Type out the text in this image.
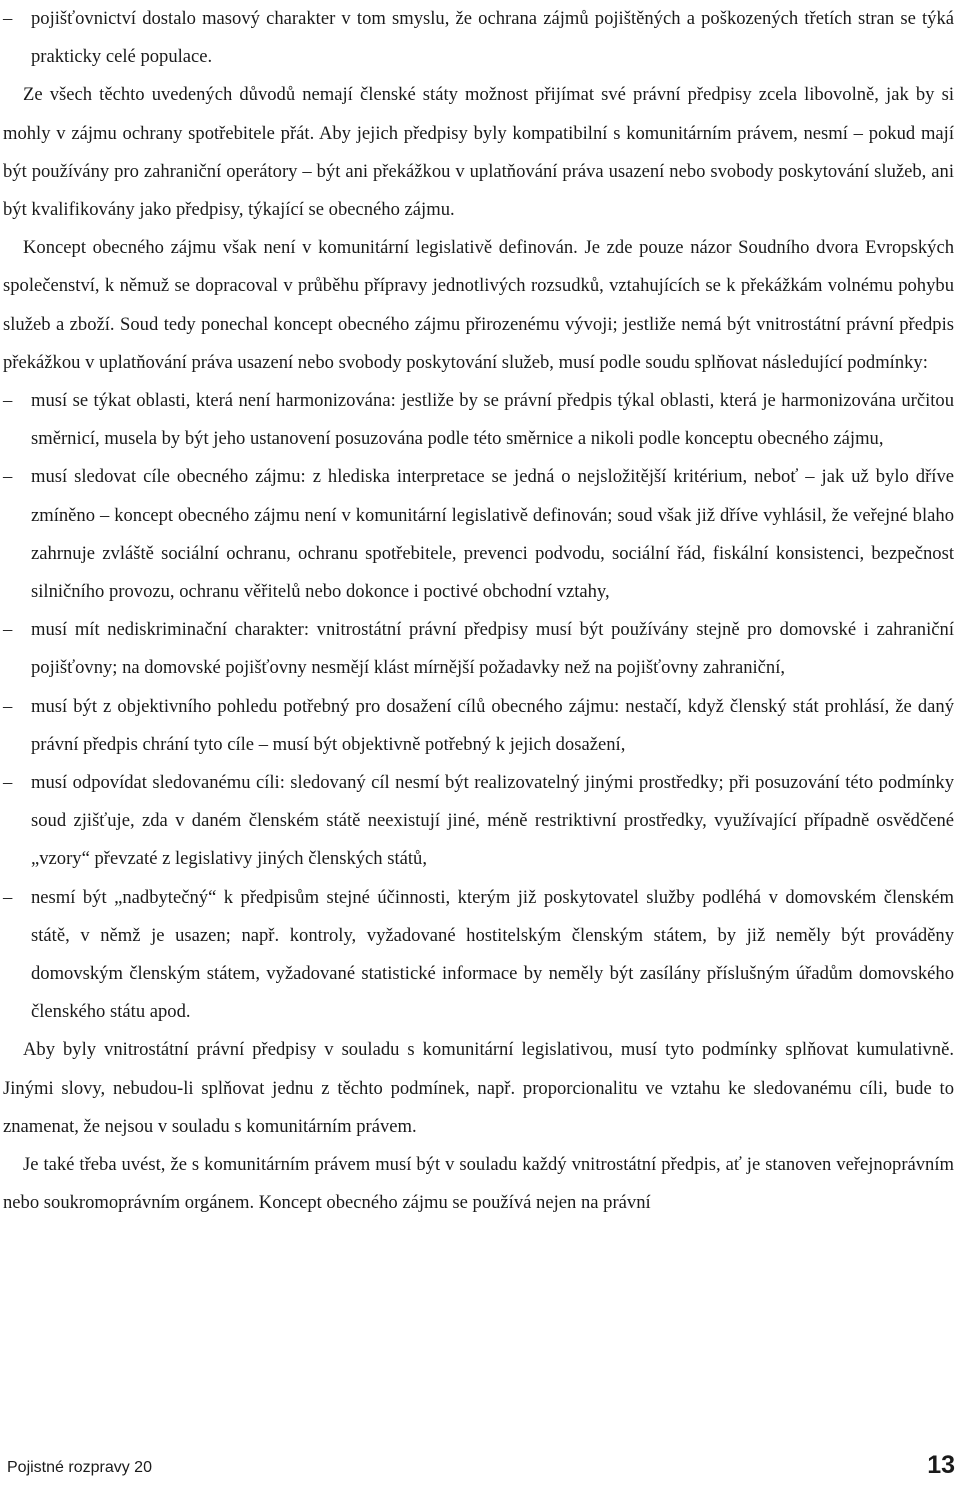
– pojišťovnictví dostalo masový charakter v tom smyslu, že ochrana zájmů pojištěných a poškozených třetích stran se týká prakticky celé populace.

Ze všech těchto uvedených důvodů nemají členské státy možnost přijímat své právní předpisy zcela libovolně, jak by si mohly v zájmu ochrany spotřebitele přát. Aby jejich předpisy byly kompatibilní s komunitárním právem, nesmí – pokud mají být používány pro zahraniční operátory – být ani překážkou v uplatňování práva usazení nebo svobody poskytování služeb, ani být kvalifikovány jako předpisy, týkající se obecného zájmu.

Koncept obecného zájmu však není v komunitární legislativě definován. Je zde pouze názor Soudního dvora Evropských společenství, k němuž se dopracoval v průběhu přípravy jednotlivých rozsudků, vztahujících se k překážkám volnému pohybu služeb a zboží. Soud tedy ponechal koncept obecného zájmu přirozenému vývoji; jestliže nemá být vnitrostátní právní předpis překážkou v uplatňování práva usazení nebo svobody poskytování služeb, musí podle soudu splňovat následující podmínky:

– musí se týkat oblasti, která není harmonizována: jestliže by se právní předpis týkal oblasti, která je harmonizována určitou směrnicí, musela by být jeho ustanovení posuzována podle této směrnice a nikoli podle konceptu obecného zájmu,
– musí sledovat cíle obecného zájmu: z hlediska interpretace se jedná o nejsložitější kritérium, neboť – jak už bylo dříve zmíněno – koncept obecného zájmu není v komunitární legislativě definován; soud však již dříve vyhlásil, že veřejné blaho zahrnuje zvláště sociální ochranu, ochranu spotřebitele, prevenci podvodu, sociální řád, fiskální konsistenci, bezpečnost silničního provozu, ochranu věřitelů nebo dokonce i poctivé obchodní vztahy,
– musí mít nediskriminační charakter: vnitrostátní právní předpisy musí být používány stejně pro domovské i zahraniční pojišťovny; na domovské pojišťovny nesmějí klást mírnější požadavky než na pojišťovny zahraniční,
– musí být z objektivního pohledu potřebný pro dosažení cílů obecného zájmu: nestačí, když členský stát prohlásí, že daný právní předpis chrání tyto cíle – musí být objektivně potřebný k jejich dosažení,
– musí odpovídat sledovanému cíli: sledovaný cíl nesmí být realizovatelný jinými prostředky; při posuzování této podmínky soud zjišťuje, zda v daném členském státě neexistují jiné, méně restriktivní prostředky, využívající případně osvědčené „vzory“ převzaté z legislativy jiných členských států,
– nesmí být „nadbytečný“ k předpisům stejné účinnosti, kterým již poskytovatel služby podléhá v domovském členském státě, v němž je usazen; např. kontroly, vyžadované hostitelským členským státem, by již neměly být prováděny domovským členským státem, vyžadované statistické informace by neměly být zasílány příslušným úřadům domovského členského státu apod.

Aby byly vnitrostátní právní předpisy v souladu s komunitární legislativou, musí tyto podmínky splňovat kumulativně. Jinými slovy, nebudou-li splňovat jednu z těchto podmínek, např. proporcionalitu ve vztahu ke sledovanému cíli, bude to znamenat, že nejsou v souladu s komunitárním právem.

Je také třeba uvést, že s komunitárním právem musí být v souladu každý vnitrostátní předpis, ať je stanoven veřejnoprávním nebo soukromoprávním orgánem. Koncept obecného zájmu se používá nejen na právní

Pojistné rozpravy 20	13
